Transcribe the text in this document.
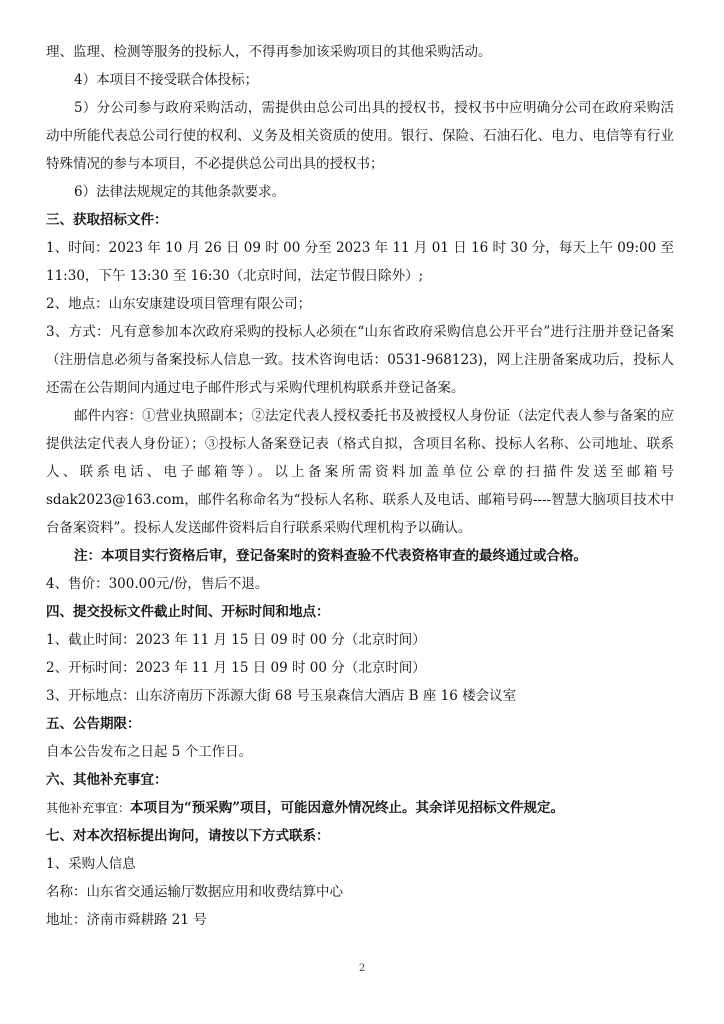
理、监理、检测等服务的投标人，不得再参加该采购项目的其他采购活动。

4）本项目不接受联合体投标；

5）分公司参与政府采购活动，需提供由总公司出具的授权书，授权书中应明确分公司在政府采购活动中所能代表总公司行使的权利、义务及相关资质的使用。银行、保险、石油石化、电力、电信等有行业特殊情况的参与本项目，不必提供总公司出具的授权书；

6）法律法规规定的其他条款要求。

三、获取招标文件：

1、时间：2023 年 10 月 26 日 09 时 00 分至 2023 年 11 月 01 日 16 时 30 分，每天上午 09:00 至 11:30，下午 13:30 至 16:30（北京时间，法定节假日除外）;

2、地点：山东安康建设项目管理有限公司；

3、方式：凡有意参加本次政府采购的投标人必须在“山东省政府采购信息公开平台”进行注册并登记备案（注册信息必须与备案投标人信息一致。技术咨询电话：0531-968123)，网上注册备案成功后，投标人还需在公告期间内通过电子邮件形式与采购代理机构联系并登记备案。

邮件内容：①营业执照副本；②法定代表人授权委托书及被授权人身份证（法定代表人参与备案的应提供法定代表人身份证）；③投标人备案登记表（格式自拟，含项目名称、投标人名称、公司地址、联系人、联系电话、电子邮箱等）。以上备案所需资料加盖单位公章的扫描件发送至邮箱号 sdak2023@163.com，邮件名称命名为“投标人名称、联系人及电话、邮箱号码----智慧大脑项目技术中台备案资料”。投标人发送邮件资料后自行联系采购代理机构予以确认。

注：本项目实行资格后审，登记备案时的资料查验不代表资格审查的最终通过或合格。

4、售价：300.00元/份，售后不退。

四、提交投标文件截止时间、开标时间和地点：

1、截止时间：2023 年 11 月 15 日 09 时 00 分（北京时间）

2、开标时间：2023 年 11 月 15 日 09 时 00 分（北京时间）

3、开标地点：山东济南历下泺源大街 68 号玉泉森信大酒店 B 座 16 楼会议室

五、公告期限：

自本公告发布之日起 5 个工作日。

六、其他补充事宜：

其他补充事宜：本项目为“预采购”项目，可能因意外情况终止。其余详见招标文件规定。

七、对本次招标提出询问，请按以下方式联系：

1、采购人信息

名称：山东省交通运输厅数据应用和收费结算中心

地址：济南市舜耕路 21 号

2
